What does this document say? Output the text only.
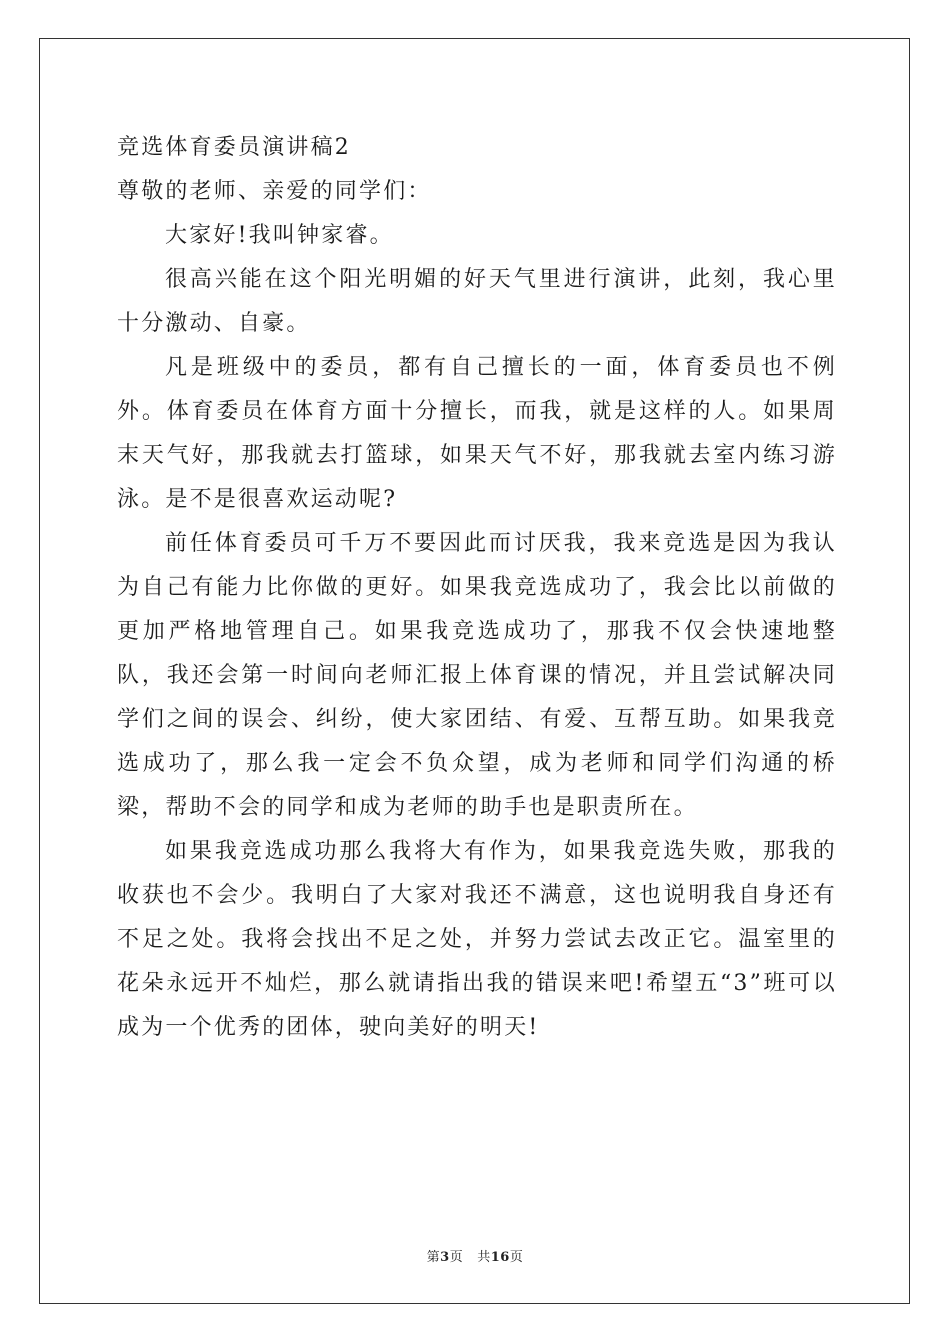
竞选体育委员演讲稿2

尊敬的老师、亲爱的同学们：

大家好!我叫钟家睿。

很高兴能在这个阳光明媚的好天气里进行演讲，此刻，我心里十分激动、自豪。

凡是班级中的委员，都有自己擅长的一面，体育委员也不例外。体育委员在体育方面十分擅长，而我，就是这样的人。如果周末天气好，那我就去打篮球，如果天气不好，那我就去室内练习游泳。是不是很喜欢运动呢?

前任体育委员可千万不要因此而讨厌我，我来竞选是因为我认为自己有能力比你做的更好。如果我竞选成功了，我会比以前做的更加严格地管理自己。如果我竞选成功了，那我不仅会快速地整队，我还会第一时间向老师汇报上体育课的情况，并且尝试解决同学们之间的误会、纠纷，使大家团结、有爱、互帮互助。如果我竞选成功了，那么我一定会不负众望，成为老师和同学们沟通的桥梁，帮助不会的同学和成为老师的助手也是职责所在。

如果我竞选成功那么我将大有作为，如果我竞选失败，那我的收获也不会少。我明白了大家对我还不满意，这也说明我自身还有不足之处。我将会找出不足之处，并努力尝试去改正它。温室里的花朵永远开不灿烂，那么就请指出我的错误来吧!希望五“3”班可以成为一个优秀的团体，驶向美好的明天!

第3页 共16页
